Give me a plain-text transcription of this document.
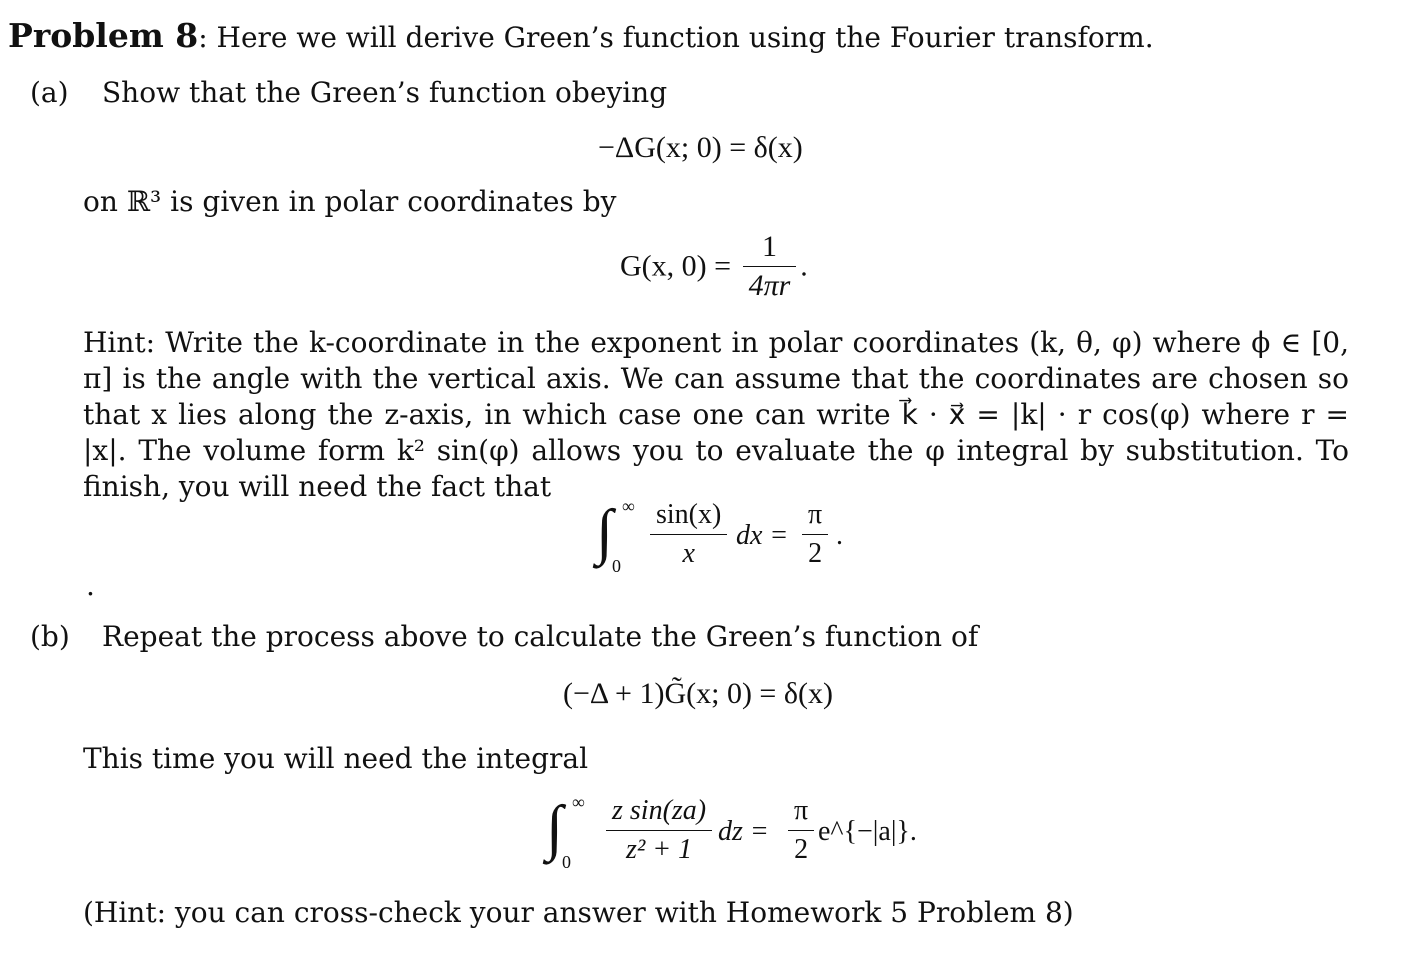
Problem 8: Here we will derive Green’s function using the Fourier transform.
(a) Show that the Green’s function obeying
−ΔG(x; 0) = δ(x)
on ℝ³ is given in polar coordinates by
G(x, $0) = \frac{1}{4\pi r}$ .
Hint: Write the k-coordinate in the exponent in polar coordinates (k, θ, φ) where ϕ ∈ [0, π] is the angle with the vertical axis. We can assume that the coordinates are chosen so that x lies along the z-axis, in which case one can write k⃗ · x⃗ = |k| · r cos(φ) where r = |x|. The volume form k² sin(φ) allows you to evaluate the φ integral by substitution. To finish, you will need the fact that
∫ ∞
$0 \frac{\sin(x)}{x}$ dx = $\frac{\pi}{2}$ .
.
(b) Repeat the process above to calculate the Green’s function of
(−Δ + 1)G̃(x; 0) = δ(x)
This time you will need the integral
∫ ∞
$0 \frac{\text{z sin(za)}}{\text{z² + 1}}$ dz = $\frac{\pi}{2}$ e^{−|a|}.
(Hint: you can cross-check your answer with Homework 5 Problem 8)
